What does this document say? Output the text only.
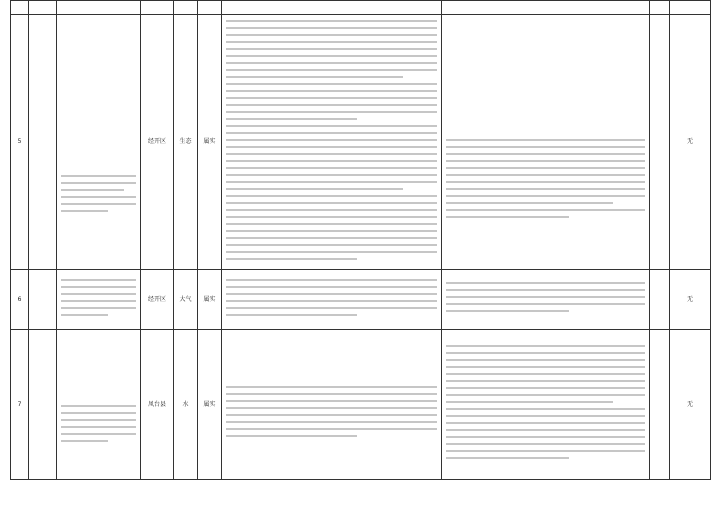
5			经开区	生态	属实				无
6			经开区	大气	属实				无
7			凤台县	水	属实				无
